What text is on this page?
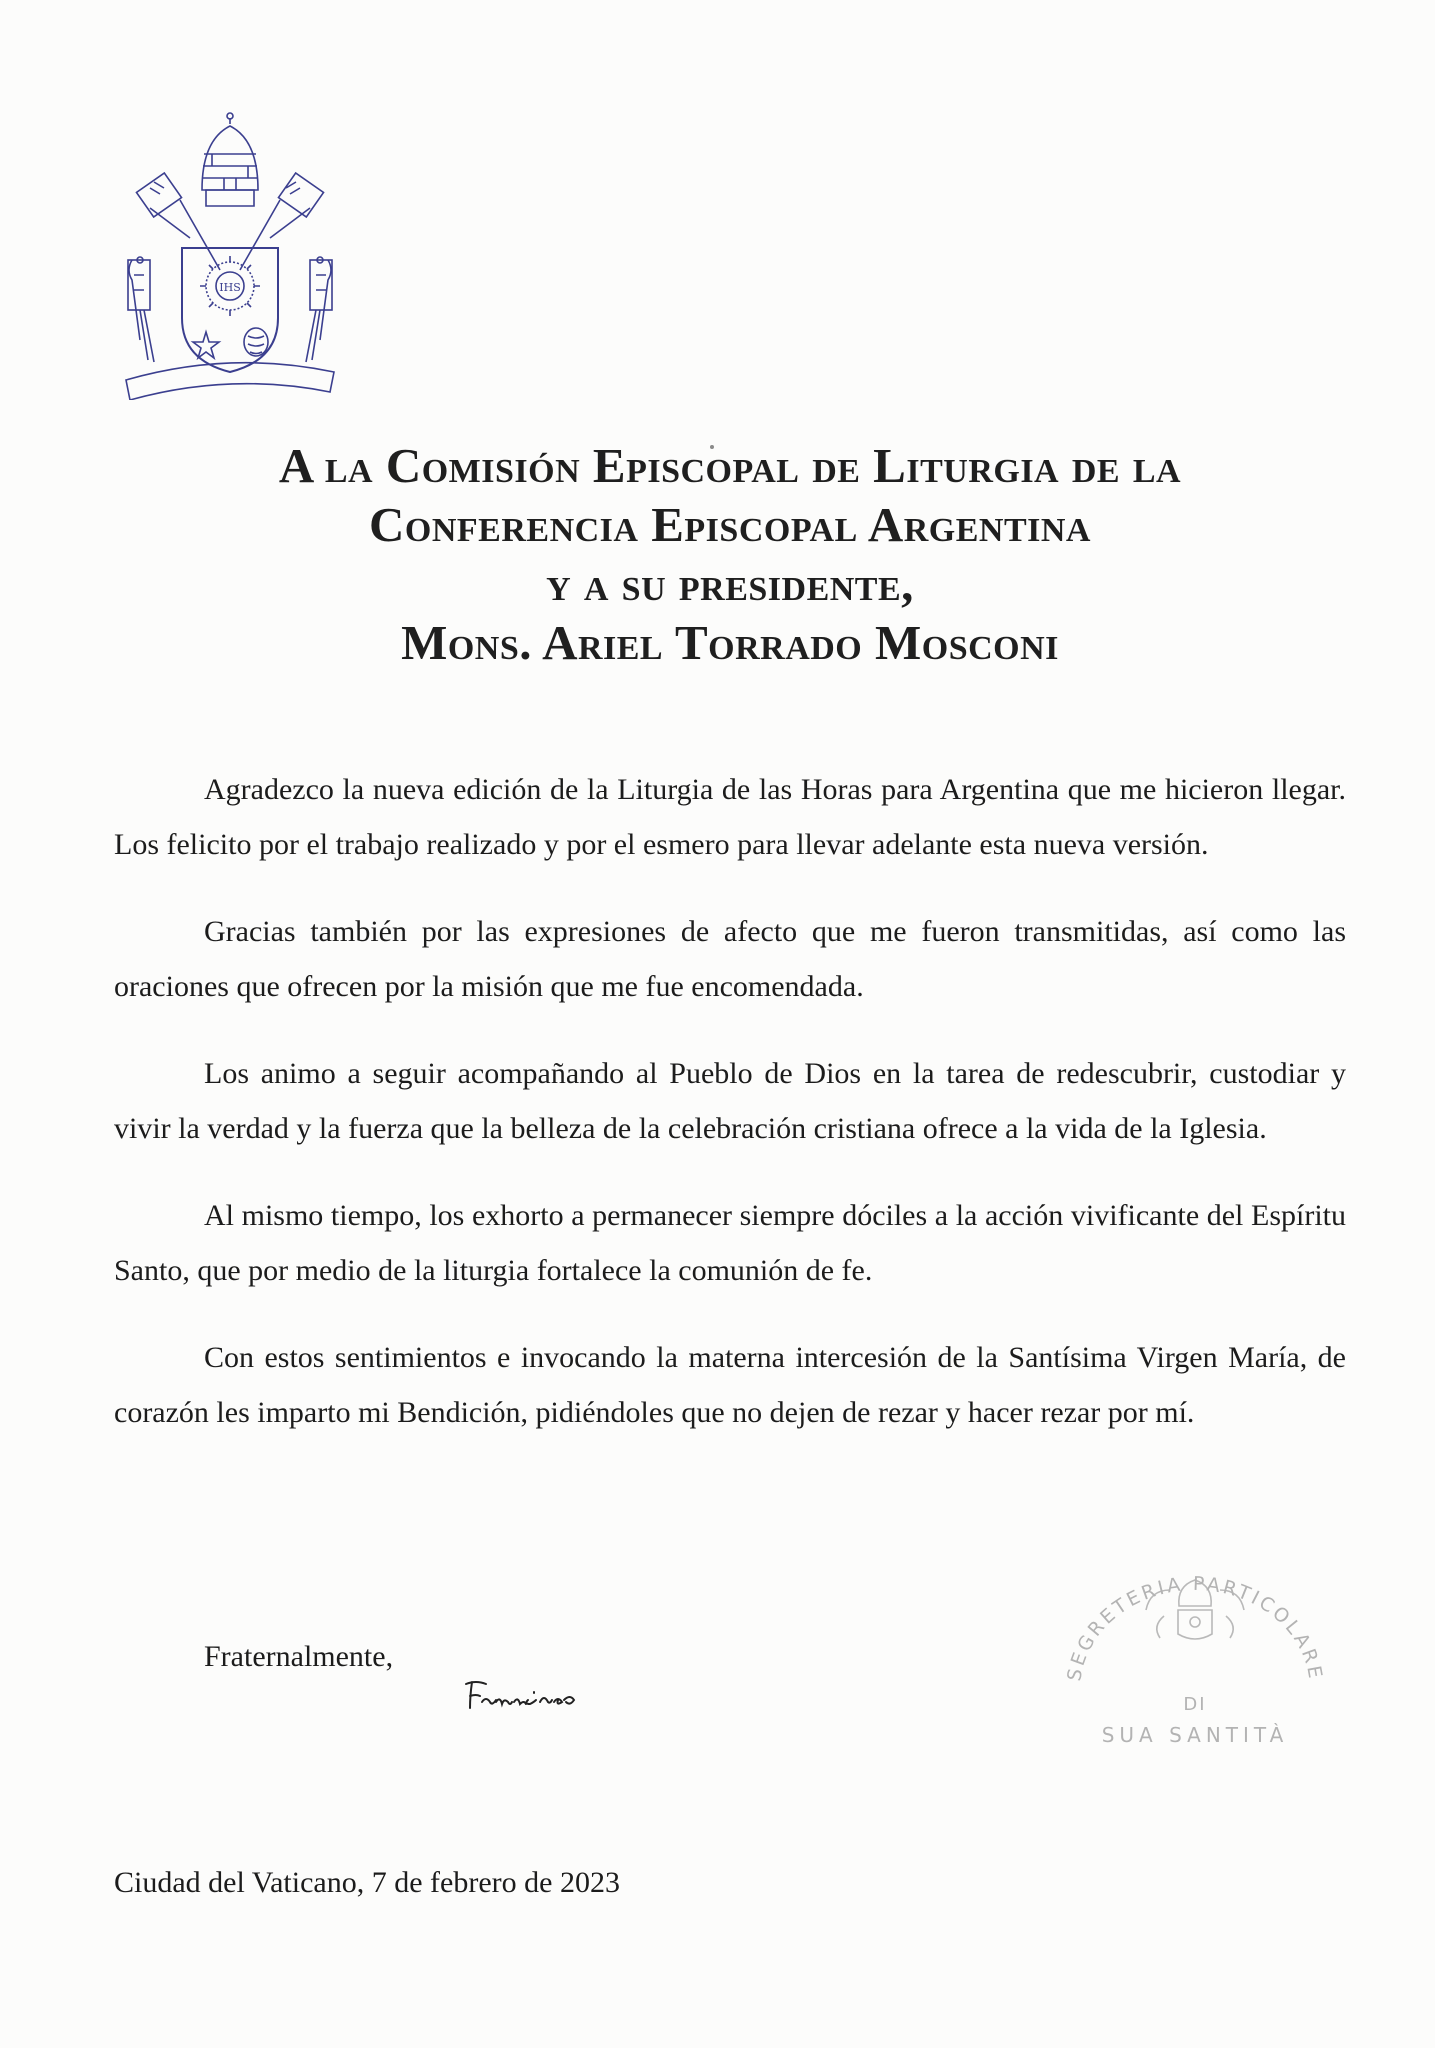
IHS
A la Comisión Episcopal de Liturgia de la
Conferencia Episcopal Argentina
y a su presidente,
Mons. Ariel Torrado Mosconi

Agradezco la nueva edición de la Liturgia de las Horas para Argentina que me hicieron llegar. Los felicito por el trabajo realizado y por el esmero para llevar adelante esta nueva versión.

Gracias también por las expresiones de afecto que me fueron transmitidas, así como las oraciones que ofrecen por la misión que me fue encomendada.

Los animo a seguir acompañando al Pueblo de Dios en la tarea de redescubrir, custodiar y vivir la verdad y la fuerza que la belleza de la celebración cristiana ofrece a la vida de la Iglesia.

Al mismo tiempo, los exhorto a permanecer siempre dóciles a la acción vivificante del Espíritu Santo, que por medio de la liturgia fortalece la comunión de fe.

Con estos sentimientos e invocando la materna intercesión de la Santísima Virgen María, de corazón les imparto mi Bendición, pidiéndoles que no dejen de rezar y hacer rezar por mí.

Fraternalmente,
SEGRETERIA PARTICOLARE
DI
SUA SANTITÀ
Ciudad del Vaticano, 7 de febrero de 2023
